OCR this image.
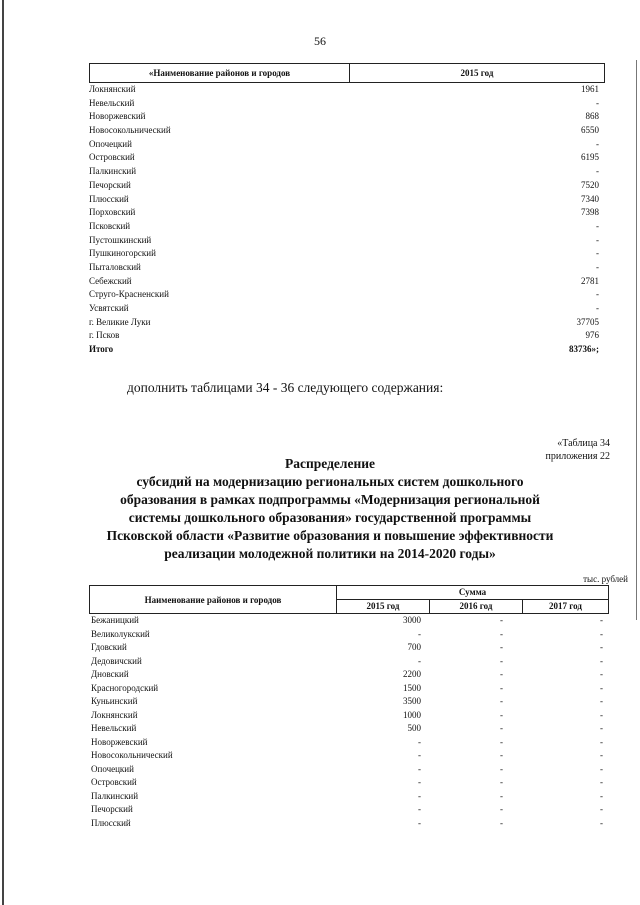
56
«Наименование районов и городов	2015 год
Локнянский	1961
Невельский	-
Новоржевский	868
Новосокольнический	6550
Опочецкий	-
Островский	6195
Палкинский	-
Печорский	7520
Плюсский	7340
Порховский	7398
Псковский	-
Пустошкинский	-
Пушкиногорский	-
Пыталовский	-
Себежский	2781
Струго-Красненский	-
Усвятский	-
г. Великие Луки	37705
г. Псков	976
Итого	83736»;
дополнить таблицами 34 - 36 следующего содержания:
«Таблица 34
приложения 22
Распределение
субсидий на модернизацию региональных систем дошкольного
образования в рамках подпрограммы «Модернизация региональной
системы дошкольного образования» государственной программы
Псковской области «Развитие образования и повышение эффективности
реализации молодежной политики на 2014-2020 годы»
тыс. рублей
Наименование районов и городов
Сумма
2015 год	2016 год	2017 год
Бежаницкий	3000	-	-
Великолукский	-	-	-
Гдовский	700	-	-
Дедовичский	-	-	-
Дновский	2200	-	-
Красногородский	1500	-	-
Куньинский	3500	-	-
Локнянский	1000	-	-
Невельский	500	-	-
Новоржевский	-	-	-
Новосокольнический	-	-	-
Опочецкий	-	-	-
Островский	-	-	-
Палкинский	-	-	-
Печорский	-	-	-
Плюсский	-	-	-
